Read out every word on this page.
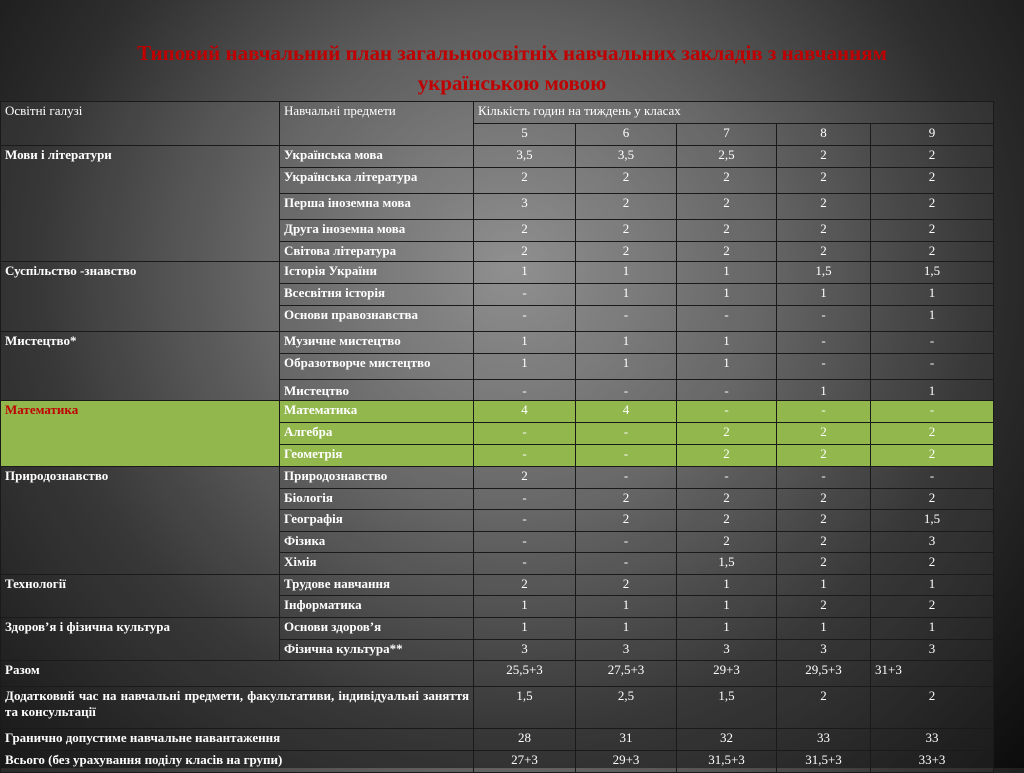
Типовий навчальний план загальноосвітніх навчальних закладів з навчанням
українською мовою
Освітні галузі	Навчальні предмети	Кількість годин на тиждень у класах				
		5	6	7	8	9
Мови і літератури	Українська мова	3,5	3,5	2,5	2	2
	Українська література	2	2	2	2	2
	Перша іноземна мова	3	2	2	2	2
	Друга іноземна мова	2	2	2	2	2
	Світова література	2	2	2	2	2
Суспільство -знавство	Історія України	1	1	1	1,5	1,5
	Всесвітня історія	-	1	1	1	1
	Основи правознавства	-	-	-	-	1
Мистецтво*	Музичне мистецтво	1	1	1	-	-
	Образотворче мистецтво	1	1	1	-	-
	Мистецтво	-	-	-	1	1
Математика	Математика	4	4	-	-	-
	Алгебра	-	-	2	2	2
	Геометрія	-	-	2	2	2
Природознавство	Природознавство	2	-	-	-	-
	Біологія	-	2	2	2	2
	Географія	-	2	2	2	1,5
	Фізика	-	-	2	2	3
	Хімія	-	-	1,5	2	2
Технології	Трудове навчання	2	2	1	1	1
	Інформатика	1	1	1	2	2
Здоров’я і фізична культура	Основи здоров’я	1	1	1	1	1
	Фізична культура**	3	3	3	3	3
Разом		25,5+3	27,5+3	29+3	29,5+3	31+3
Додатковий час на навчальні предмети, факультативи, індивідуальні заняття та консультації		1,5	2,5	1,5	2	2
Гранично допустиме навчальне навантаження		28	31	32	33	33
Всього (без урахування поділу класів на групи)		27+3	29+3	31,5+3	31,5+3	33+3
